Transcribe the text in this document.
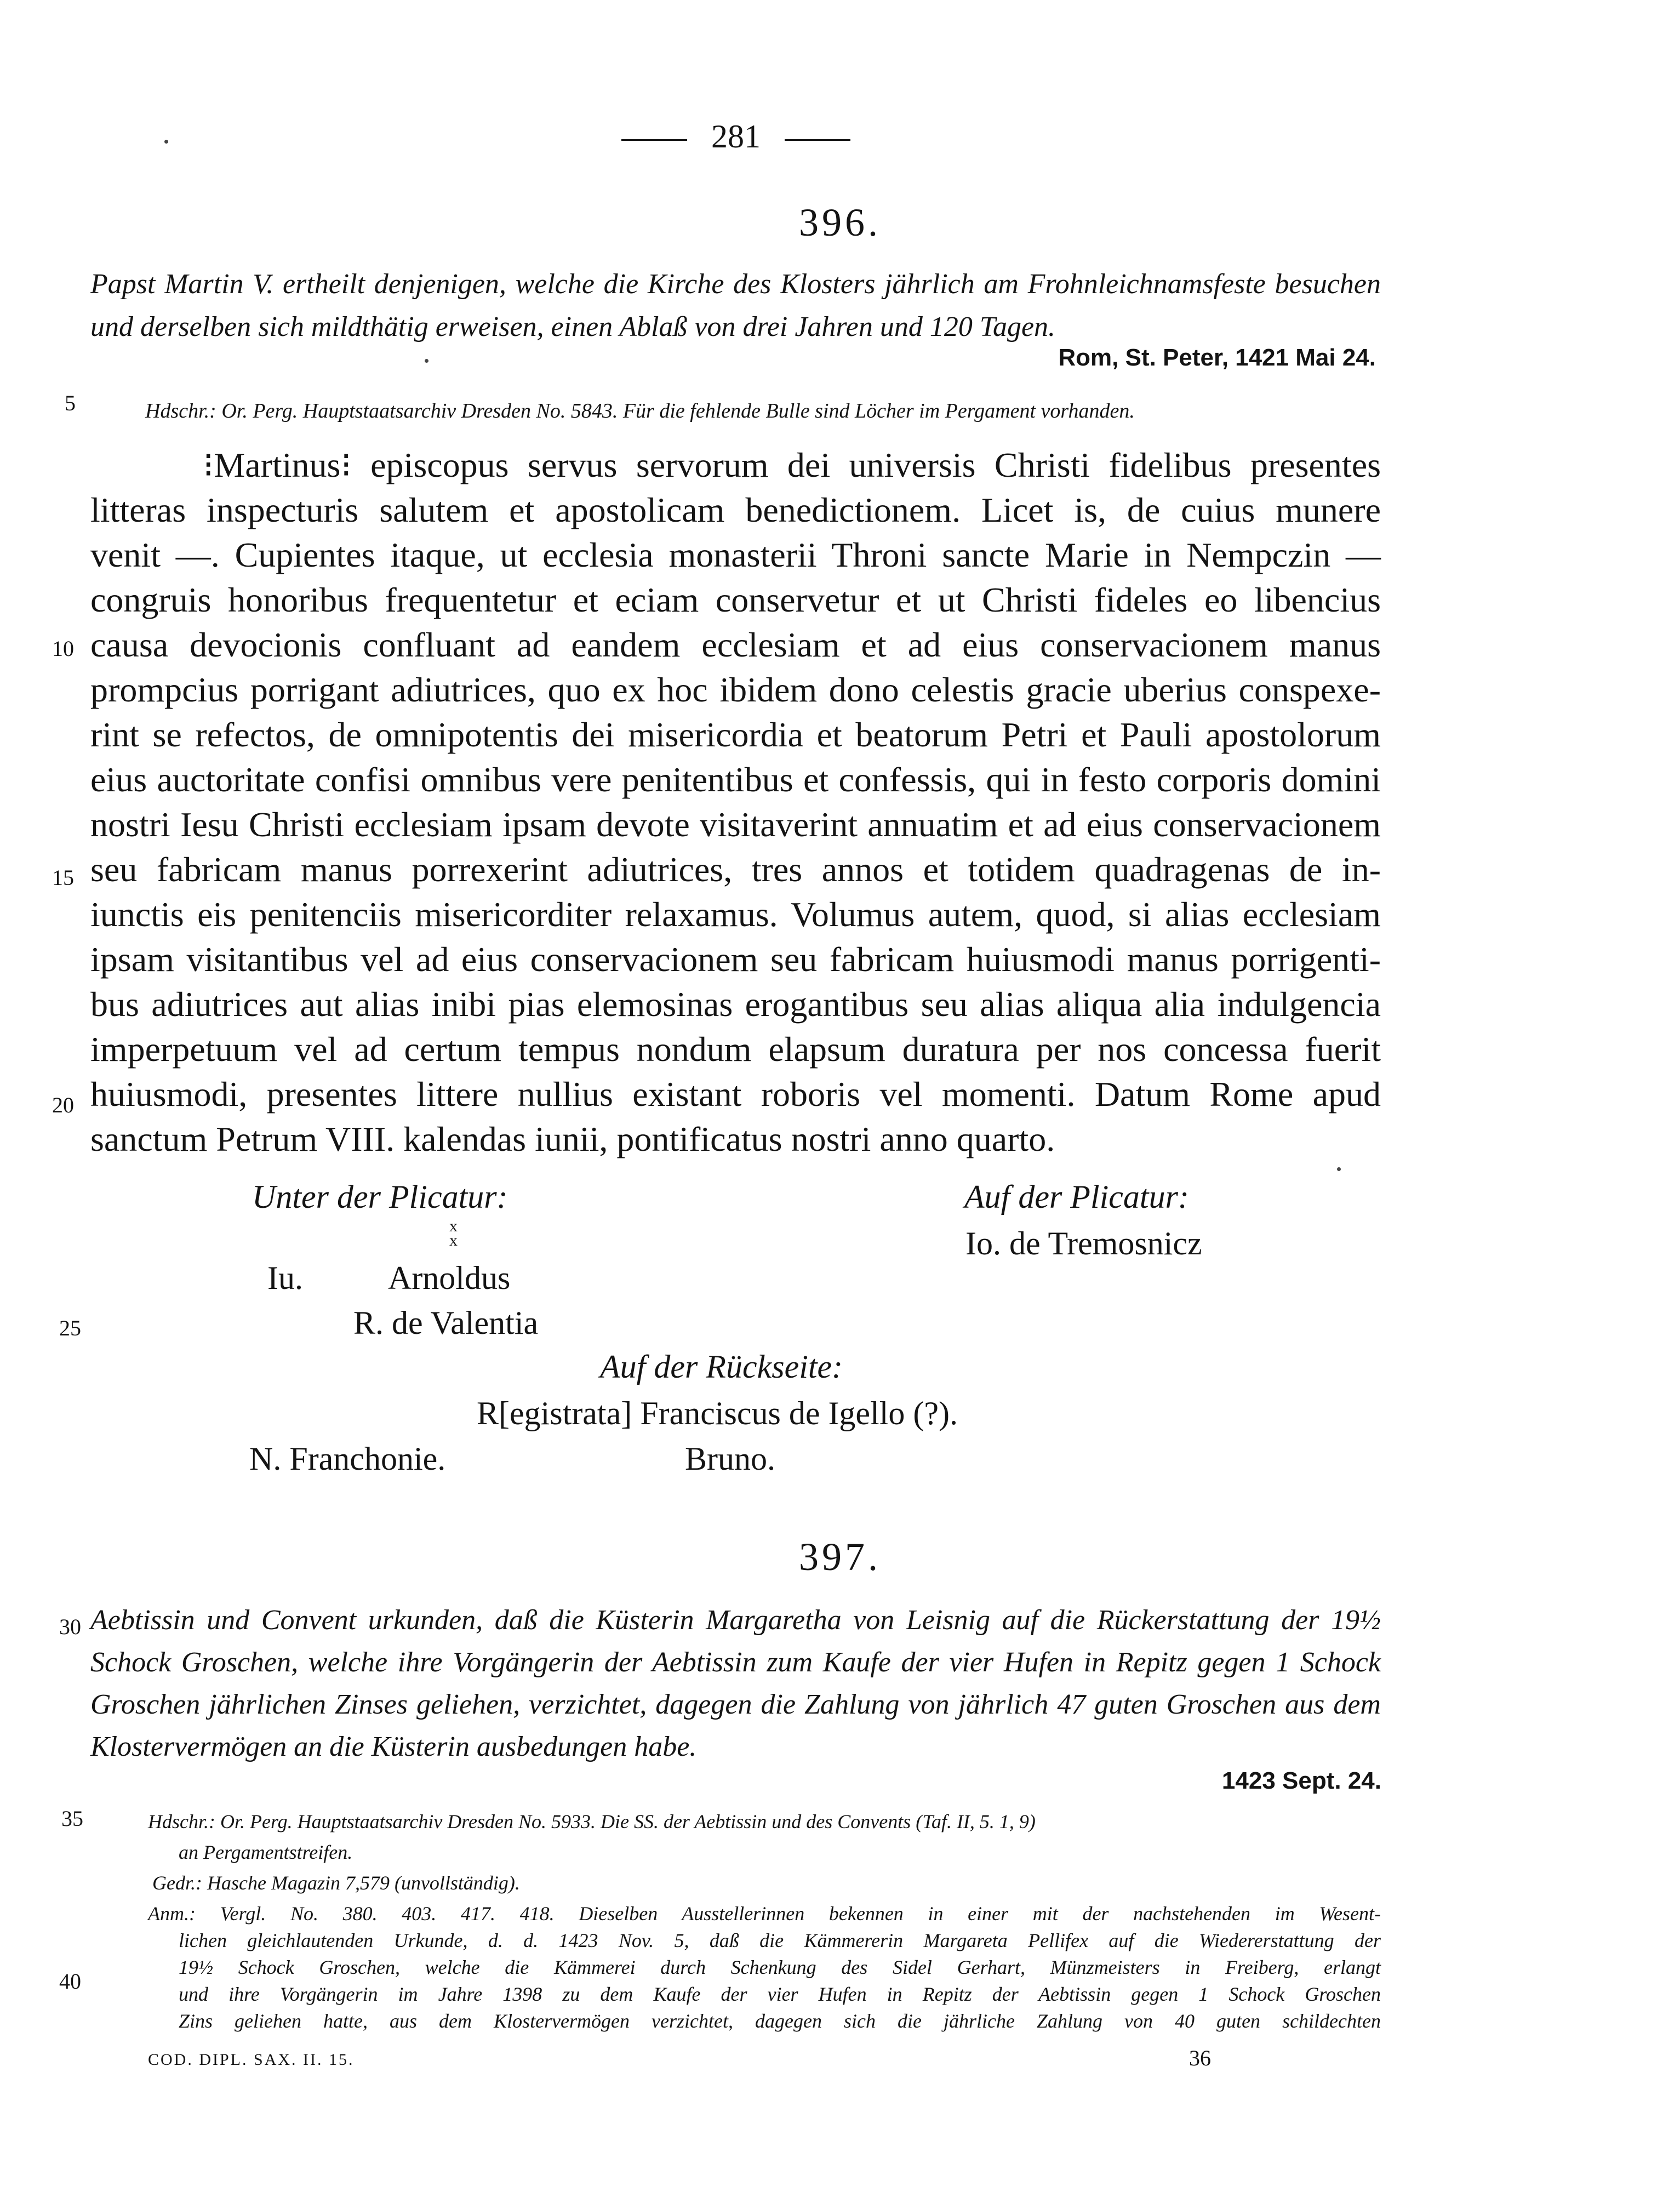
281
396.
Papst Martin V. ertheilt denjenigen, welche die Kirche des Klosters jährlich am Frohnleichnamsfeste besuchen und derselben sich mildthätig erweisen, einen Ablaß von drei Jahren und 120 Tagen.
Rom, St. Peter, 1421 Mai 24.
Hdschr.: Or. Perg. Hauptstaatsarchiv Dresden No. 5843. Für die fehlende Bulle sind Löcher im Pergament vorhanden.
5
⁝Martinus⁝ episcopus servus servorum dei universis Christi fidelibus presentes
litteras inspecturis salutem et apostolicam benedictionem. Licet is, de cuius munere
venit —. Cupientes itaque, ut ecclesia monasterii Throni sancte Marie in Nempczin —
congruis honoribus frequentetur et eciam conservetur et ut Christi fideles eo libencius
causa devocionis confluant ad eandem ecclesiam et ad eius conservacionem manus
prompcius porrigant adiutrices, quo ex hoc ibidem dono celestis gracie uberius conspexe-
rint se refectos, de omnipotentis dei misericordia et beatorum Petri et Pauli apostolorum
eius auctoritate confisi omnibus vere penitentibus et confessis, qui in festo corporis domini
nostri Iesu Christi ecclesiam ipsam devote visitaverint annuatim et ad eius conservacionem
seu fabricam manus porrexerint adiutrices, tres annos et totidem quadragenas de in-
iunctis eis penitenciis misericorditer relaxamus. Volumus autem, quod, si alias ecclesiam
ipsam visitantibus vel ad eius conservacionem seu fabricam huiusmodi manus porrigenti-
bus adiutrices aut alias inibi pias elemosinas erogantibus seu alias aliqua alia indulgencia
imperpetuum vel ad certum tempus nondum elapsum duratura per nos concessa fuerit
huiusmodi, presentes littere nullius existant roboris vel momenti. Datum Rome apud
sanctum Petrum VIII. kalendas iunii, pontificatus nostri anno quarto.
10
15
20
Unter der Plicatur:
x
x
Iu.	Arnoldus
R. de Valentia
25
Auf der Plicatur:
Io. de Tremosnicz
Auf der Rückseite:
R[egistrata] Franciscus de Igello (?).
N. Franchonie.	Bruno.
397.
Aebtissin und Convent urkunden, daß die Küsterin Margaretha von Leisnig auf die Rückerstattung der 19½ Schock Groschen, welche ihre Vorgängerin der Aebtissin zum Kaufe der vier Hufen in Repitz gegen 1 Schock Groschen jährlichen Zinses geliehen, verzichtet, dagegen die Zahlung von jährlich 47 guten Groschen aus dem Klostervermögen an die Küsterin ausbedungen habe.
30
1423 Sept. 24.
Hdschr.: Or. Perg. Hauptstaatsarchiv Dresden No. 5933. Die SS. der Aebtissin und des Convents (Taf. II, 5. 1, 9)
35
an Pergamentstreifen.
Gedr.: Hasche Magazin 7,579 (unvollständig).
Anm.: Vergl. No. 380. 403. 417. 418. Dieselben Ausstellerinnen bekennen in einer mit der nachstehenden im Wesent-
lichen gleichlautenden Urkunde, d. d. 1423 Nov. 5, daß die Kämmererin Margareta Pellifex auf die Wiedererstattung der
19½ Schock Groschen, welche die Kämmerei durch Schenkung des Sidel Gerhart, Münzmeisters in Freiberg, erlangt
und ihre Vorgängerin im Jahre 1398 zu dem Kaufe der vier Hufen in Repitz der Aebtissin gegen 1 Schock Groschen
Zins geliehen hatte, aus dem Klostervermögen verzichtet, dagegen sich die jährliche Zahlung von 40 guten schildechten
40
COD. DIPL. SAX. II. 15.	36
